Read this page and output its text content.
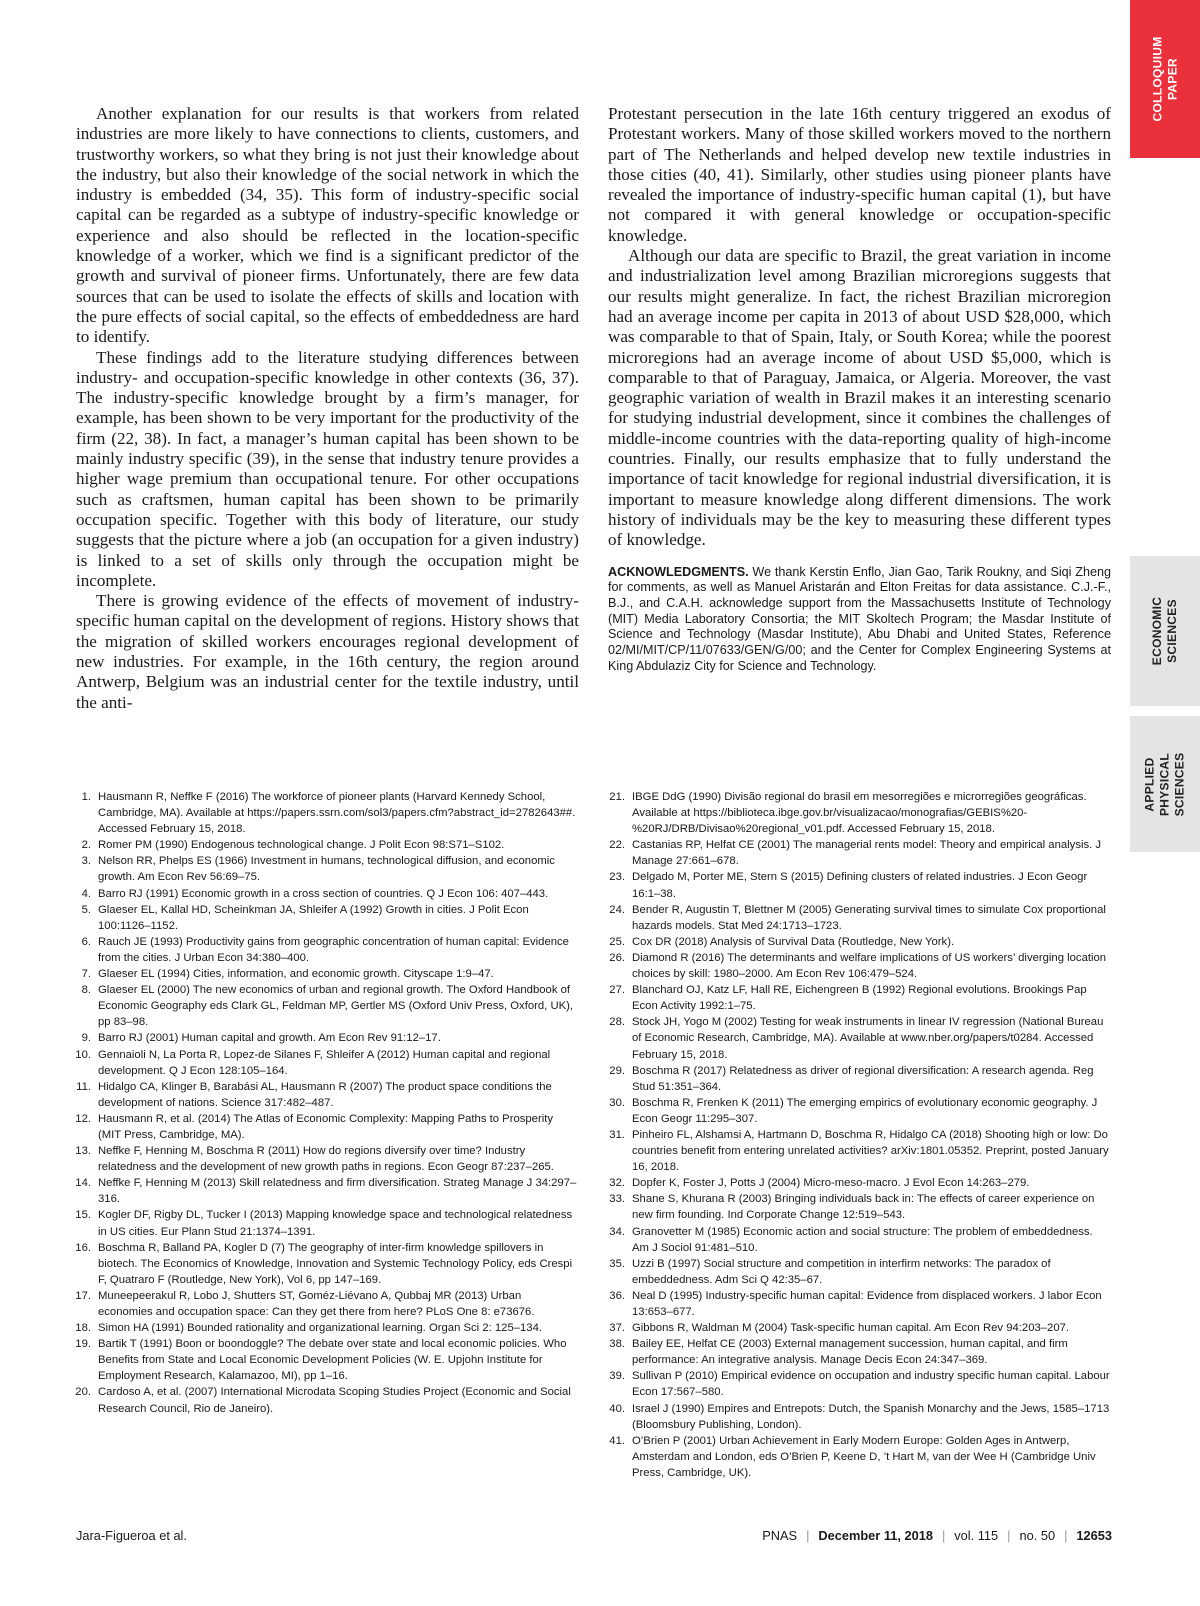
COLLOQUIUM
PAPER
ECONOMIC
SCIENCES
APPLIED PHYSICAL
SCIENCES

Another explanation for our results is that workers from related industries are more likely to have connections to clients, customers, and trustworthy workers, so what they bring is not just their knowledge about the industry, but also their knowledge of the social network in which the industry is embedded (34, 35). This form of industry-specific social capital can be regarded as a subtype of industry-specific knowledge or experience and also should be reflected in the location-specific knowledge of a worker, which we find is a significant predictor of the growth and survival of pioneer firms. Unfortunately, there are few data sources that can be used to isolate the effects of skills and location with the pure effects of social capital, so the effects of embeddedness are hard to identify.

These findings add to the literature studying differences between industry- and occupation-specific knowledge in other contexts (36, 37). The industry-specific knowledge brought by a firm’s manager, for example, has been shown to be very important for the productivity of the firm (22, 38). In fact, a manager’s human capital has been shown to be mainly industry specific (39), in the sense that industry tenure provides a higher wage premium than occupational tenure. For other occupations such as craftsmen, human capital has been shown to be primarily occupation specific. Together with this body of literature, our study suggests that the picture where a job (an occupation for a given industry) is linked to a set of skills only through the occupation might be incomplete.

There is growing evidence of the effects of movement of industry-specific human capital on the development of regions. History shows that the migration of skilled workers encourages regional development of new industries. For example, in the 16th century, the region around Antwerp, Belgium was an industrial center for the textile industry, until the anti-

Protestant persecution in the late 16th century triggered an exodus of Protestant workers. Many of those skilled workers moved to the northern part of The Netherlands and helped develop new textile industries in those cities (40, 41). Similarly, other studies using pioneer plants have revealed the importance of industry-specific human capital (1), but have not compared it with general knowledge or occupation-specific knowledge.

Although our data are specific to Brazil, the great variation in income and industrialization level among Brazilian microregions suggests that our results might generalize. In fact, the richest Brazilian microregion had an average income per capita in 2013 of about USD $28,000, which was comparable to that of Spain, Italy, or South Korea; while the poorest microregions had an average income of about USD $5,000, which is comparable to that of Paraguay, Jamaica, or Algeria. Moreover, the vast geographic variation of wealth in Brazil makes it an interesting scenario for studying industrial development, since it combines the challenges of middle-income countries with the data-reporting quality of high-income countries. Finally, our results emphasize that to fully understand the importance of tacit knowledge for regional industrial diversification, it is important to measure knowledge along different dimensions. The work history of individuals may be the key to measuring these different types of knowledge.

ACKNOWLEDGMENTS. We thank Kerstin Enflo, Jian Gao, Tarik Roukny, and Siqi Zheng for comments, as well as Manuel Aristarán and Elton Freitas for data assistance. C.J.-F., B.J., and C.A.H. acknowledge support from the Massachusetts Institute of Technology (MIT) Media Laboratory Consortia; the MIT Skoltech Program; the Masdar Institute of Science and Technology (Masdar Institute), Abu Dhabi and United States, Reference 02/MI/MIT/CP/11/07633/GEN/G/00; and the Center for Complex Engineering Systems at King Abdulaziz City for Science and Technology.
1. Hausmann R, Neffke F (2016) The workforce of pioneer plants (Harvard Kennedy School, Cambridge, MA). Available at https://papers.ssrn.com/sol3/papers.cfm?abstract_id=2782643##. Accessed February 15, 2018.
2. Romer PM (1990) Endogenous technological change. J Polit Econ 98:S71–S102.
3. Nelson RR, Phelps ES (1966) Investment in humans, technological diffusion, and economic growth. Am Econ Rev 56:69–75.
4. Barro RJ (1991) Economic growth in a cross section of countries. Q J Econ 106: 407–443.
5. Glaeser EL, Kallal HD, Scheinkman JA, Shleifer A (1992) Growth in cities. J Polit Econ 100:1126–1152.
6. Rauch JE (1993) Productivity gains from geographic concentration of human capital: Evidence from the cities. J Urban Econ 34:380–400.
7. Glaeser EL (1994) Cities, information, and economic growth. Cityscape 1:9–47.
8. Glaeser EL (2000) The new economics of urban and regional growth. The Oxford Handbook of Economic Geography eds Clark GL, Feldman MP, Gertler MS (Oxford Univ Press, Oxford, UK), pp 83–98.
9. Barro RJ (2001) Human capital and growth. Am Econ Rev 91:12–17.
10. Gennaioli N, La Porta R, Lopez-de Silanes F, Shleifer A (2012) Human capital and regional development. Q J Econ 128:105–164.
11. Hidalgo CA, Klinger B, Barabási AL, Hausmann R (2007) The product space conditions the development of nations. Science 317:482–487.
12. Hausmann R, et al. (2014) The Atlas of Economic Complexity: Mapping Paths to Prosperity (MIT Press, Cambridge, MA).
13. Neffke F, Henning M, Boschma R (2011) How do regions diversify over time? Industry relatedness and the development of new growth paths in regions. Econ Geogr 87:237–265.
14. Neffke F, Henning M (2013) Skill relatedness and firm diversification. Strateg Manage J 34:297–316.
15. Kogler DF, Rigby DL, Tucker I (2013) Mapping knowledge space and technological relatedness in US cities. Eur Plann Stud 21:1374–1391.
16. Boschma R, Balland PA, Kogler D (7) The geography of inter-firm knowledge spillovers in biotech. The Economics of Knowledge, Innovation and Systemic Technology Policy, eds Crespi F, Quatraro F (Routledge, New York), Vol 6, pp 147–169.
17. Muneepeerakul R, Lobo J, Shutters ST, Goméz-Liévano A, Qubbaj MR (2013) Urban economies and occupation space: Can they get there from here? PLoS One 8: e73676.
18. Simon HA (1991) Bounded rationality and organizational learning. Organ Sci 2: 125–134.
19. Bartik T (1991) Boon or boondoggle? The debate over state and local economic policies. Who Benefits from State and Local Economic Development Policies (W. E. Upjohn Institute for Employment Research, Kalamazoo, MI), pp 1–16.
20. Cardoso A, et al. (2007) International Microdata Scoping Studies Project (Economic and Social Research Council, Rio de Janeiro).
21. IBGE DdG (1990) Divisão regional do brasil em mesorregiões e microrregiões geográficas. Available at https://biblioteca.ibge.gov.br/visualizacao/monografias/GEBIS%20-%20RJ/DRB/Divisao%20regional_v01.pdf. Accessed February 15, 2018.
22. Castanias RP, Helfat CE (2001) The managerial rents model: Theory and empirical analysis. J Manage 27:661–678.
23. Delgado M, Porter ME, Stern S (2015) Defining clusters of related industries. J Econ Geogr 16:1–38.
24. Bender R, Augustin T, Blettner M (2005) Generating survival times to simulate Cox proportional hazards models. Stat Med 24:1713–1723.
25. Cox DR (2018) Analysis of Survival Data (Routledge, New York).
26. Diamond R (2016) The determinants and welfare implications of US workers’ diverging location choices by skill: 1980–2000. Am Econ Rev 106:479–524.
27. Blanchard OJ, Katz LF, Hall RE, Eichengreen B (1992) Regional evolutions. Brookings Pap Econ Activity 1992:1–75.
28. Stock JH, Yogo M (2002) Testing for weak instruments in linear IV regression (National Bureau of Economic Research, Cambridge, MA). Available at www.nber.org/papers/t0284. Accessed February 15, 2018.
29. Boschma R (2017) Relatedness as driver of regional diversification: A research agenda. Reg Stud 51:351–364.
30. Boschma R, Frenken K (2011) The emerging empirics of evolutionary economic geography. J Econ Geogr 11:295–307.
31. Pinheiro FL, Alshamsi A, Hartmann D, Boschma R, Hidalgo CA (2018) Shooting high or low: Do countries benefit from entering unrelated activities? arXiv:1801.05352. Preprint, posted January 16, 2018.
32. Dopfer K, Foster J, Potts J (2004) Micro-meso-macro. J Evol Econ 14:263–279.
33. Shane S, Khurana R (2003) Bringing individuals back in: The effects of career experience on new firm founding. Ind Corporate Change 12:519–543.
34. Granovetter M (1985) Economic action and social structure: The problem of embeddedness. Am J Sociol 91:481–510.
35. Uzzi B (1997) Social structure and competition in interfirm networks: The paradox of embeddedness. Adm Sci Q 42:35–67.
36. Neal D (1995) Industry-specific human capital: Evidence from displaced workers. J labor Econ 13:653–677.
37. Gibbons R, Waldman M (2004) Task-specific human capital. Am Econ Rev 94:203–207.
38. Bailey EE, Helfat CE (2003) External management succession, human capital, and firm performance: An integrative analysis. Manage Decis Econ 24:347–369.
39. Sullivan P (2010) Empirical evidence on occupation and industry specific human capital. Labour Econ 17:567–580.
40. Israel J (1990) Empires and Entrepots: Dutch, the Spanish Monarchy and the Jews, 1585–1713 (Bloomsbury Publishing, London).
41. O’Brien P (2001) Urban Achievement in Early Modern Europe: Golden Ages in Antwerp, Amsterdam and London, eds O’Brien P, Keene D, ’t Hart M, van der Wee H (Cambridge Univ Press, Cambridge, UK).
Jara-Figueroa et al.	PNAS | December 11, 2018 | vol. 115 | no. 50 | 12653
